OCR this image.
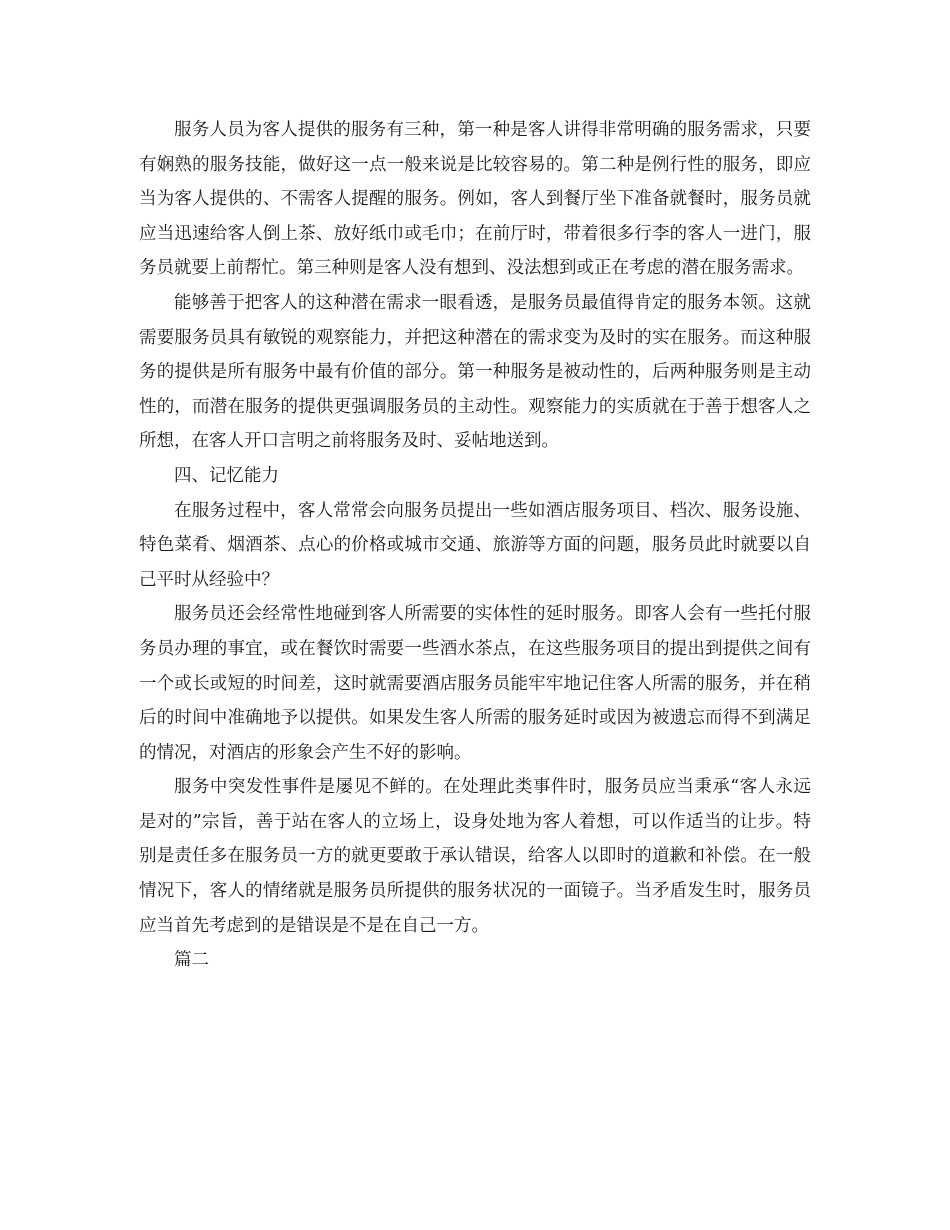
服务人员为客人提供的服务有三种，第一种是客人讲得非常明确的服务需求，只要有娴熟的服务技能，做好这一点一般来说是比较容易的。第二种是例行性的服务，即应当为客人提供的、不需客人提醒的服务。例如，客人到餐厅坐下准备就餐时，服务员就应当迅速给客人倒上茶、放好纸巾或毛巾；在前厅时，带着很多行李的客人一进门，服务员就要上前帮忙。第三种则是客人没有想到、没法想到或正在考虑的潜在服务需求。

能够善于把客人的这种潜在需求一眼看透，是服务员最值得肯定的服务本领。这就需要服务员具有敏锐的观察能力，并把这种潜在的需求变为及时的实在服务。而这种服务的提供是所有服务中最有价值的部分。第一种服务是被动性的，后两种服务则是主动性的，而潜在服务的提供更强调服务员的主动性。观察能力的实质就在于善于想客人之所想，在客人开口言明之前将服务及时、妥帖地送到。

四、记忆能力

在服务过程中，客人常常会向服务员提出一些如酒店服务项目、档次、服务设施、特色菜肴、烟酒茶、点心的价格或城市交通、旅游等方面的问题，服务员此时就要以自己平时从经验中？

服务员还会经常性地碰到客人所需要的实体性的延时服务。即客人会有一些托付服务员办理的事宜，或在餐饮时需要一些酒水茶点，在这些服务项目的提出到提供之间有一个或长或短的时间差，这时就需要酒店服务员能牢牢地记住客人所需的服务，并在稍后的时间中准确地予以提供。如果发生客人所需的服务延时或因为被遗忘而得不到满足的情况，对酒店的形象会产生不好的影响。

服务中突发性事件是屡见不鲜的。在处理此类事件时，服务员应当秉承“客人永远是对的”宗旨，善于站在客人的立场上，设身处地为客人着想，可以作适当的让步。特别是责任多在服务员一方的就更要敢于承认错误，给客人以即时的道歉和补偿。在一般情况下，客人的情绪就是服务员所提供的服务状况的一面镜子。当矛盾发生时，服务员应当首先考虑到的是错误是不是在自己一方。

篇二
